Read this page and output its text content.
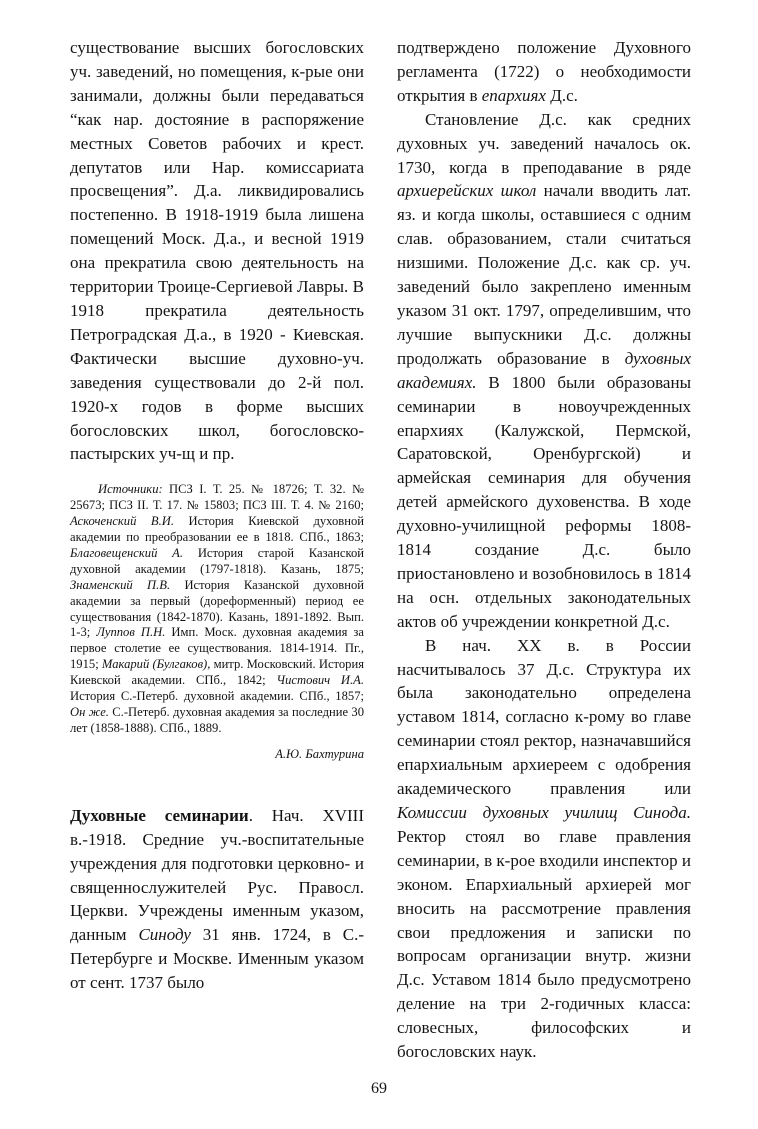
существование высших богословских уч. заведений, но помещения, к-рые они занимали, должны были передаваться “как нар. достояние в распоряжение местных Советов рабочих и крест. депутатов или Нар. комиссариата просвещения”. Д.а. ликвидировались постепенно. В 1918-1919 была лишена помещений Моск. Д.а., и весной 1919 она прекратила свою деятельность на территории Троице-Сергиевой Лавры. В 1918 прекратила деятельность Петроградская Д.а., в 1920 - Киевская. Фактически высшие духовно-уч. заведения существовали до 2-й пол. 1920-х годов в форме высших богословских школ, богословско-пастырских уч-щ и пр.

Источники: ПСЗ I. Т. 25. № 18726; Т. 32. № 25673; ПСЗ II. Т. 17. № 15803; ПСЗ III. Т. 4. № 2160; Аскоченский В.И. История Киевской духовной академии по преобразовании ее в 1818. СПб., 1863; Благовещенский А. История старой Казанской духовной академии (1797-1818). Казань, 1875; Знаменский П.В. История Казанской духовной академии за первый (дореформенный) период ее существования (1842-1870). Казань, 1891-1892. Вып. 1-3; Луппов П.Н. Имп. Моск. духовная академия за первое столетие ее существования. 1814-1914. Пг., 1915; Макарий (Булгаков), митр. Московский. История Киевской академии. СПб., 1842; Чистович И.А. История С.-Петерб. духовной академии. СПб., 1857; Он же. С.-Петерб. духовная академия за последние 30 лет (1858-1888). СПб., 1889.

А.Ю. Бахтурина

Духовные семинарии. Нач. XVIII в.-1918. Средние уч.-воспитательные учреждения для подготовки церковно- и священнослужителей Рус. Правосл. Церкви. Учреждены именным указом, данным Синоду 31 янв. 1724, в С.-Петербурге и Москве. Именным указом от сент. 1737 было

подтверждено положение Духовного регламента (1722) о необходимости открытия в епархиях Д.с.

Становление Д.с. как средних духовных уч. заведений началось ок. 1730, когда в преподавание в ряде архиерейских школ начали вводить лат. яз. и когда школы, оставшиеся с одним слав. образованием, стали считаться низшими. Положение Д.с. как ср. уч. заведений было закреплено именным указом 31 окт. 1797, определившим, что лучшие выпускники Д.с. должны продолжать образование в духовных академиях. В 1800 были образованы семинарии в новоучрежденных епархиях (Калужской, Пермской, Саратовской, Оренбургской) и армейская семинария для обучения детей армейского духовенства. В ходе духовно-училищной реформы 1808-1814 создание Д.с. было приостановлено и возобновилось в 1814 на осн. отдельных законодательных актов об учреждении конкретной Д.с.

В нач. XX в. в России насчитывалось 37 Д.с. Структура их была законодательно определена уставом 1814, согласно к-рому во главе семинарии стоял ректор, назначавшийся епархиальным архиереем с одобрения академического правления или Комиссии духовных училищ Синода. Ректор стоял во главе правления семинарии, в к-рое входили инспектор и эконом. Епархиальный архиерей мог вносить на рассмотрение правления свои предложения и записки по вопросам организации внутр. жизни Д.с. Уставом 1814 было предусмотрено деление на три 2-годичных класса: словесных, философских и богословских наук.

69
